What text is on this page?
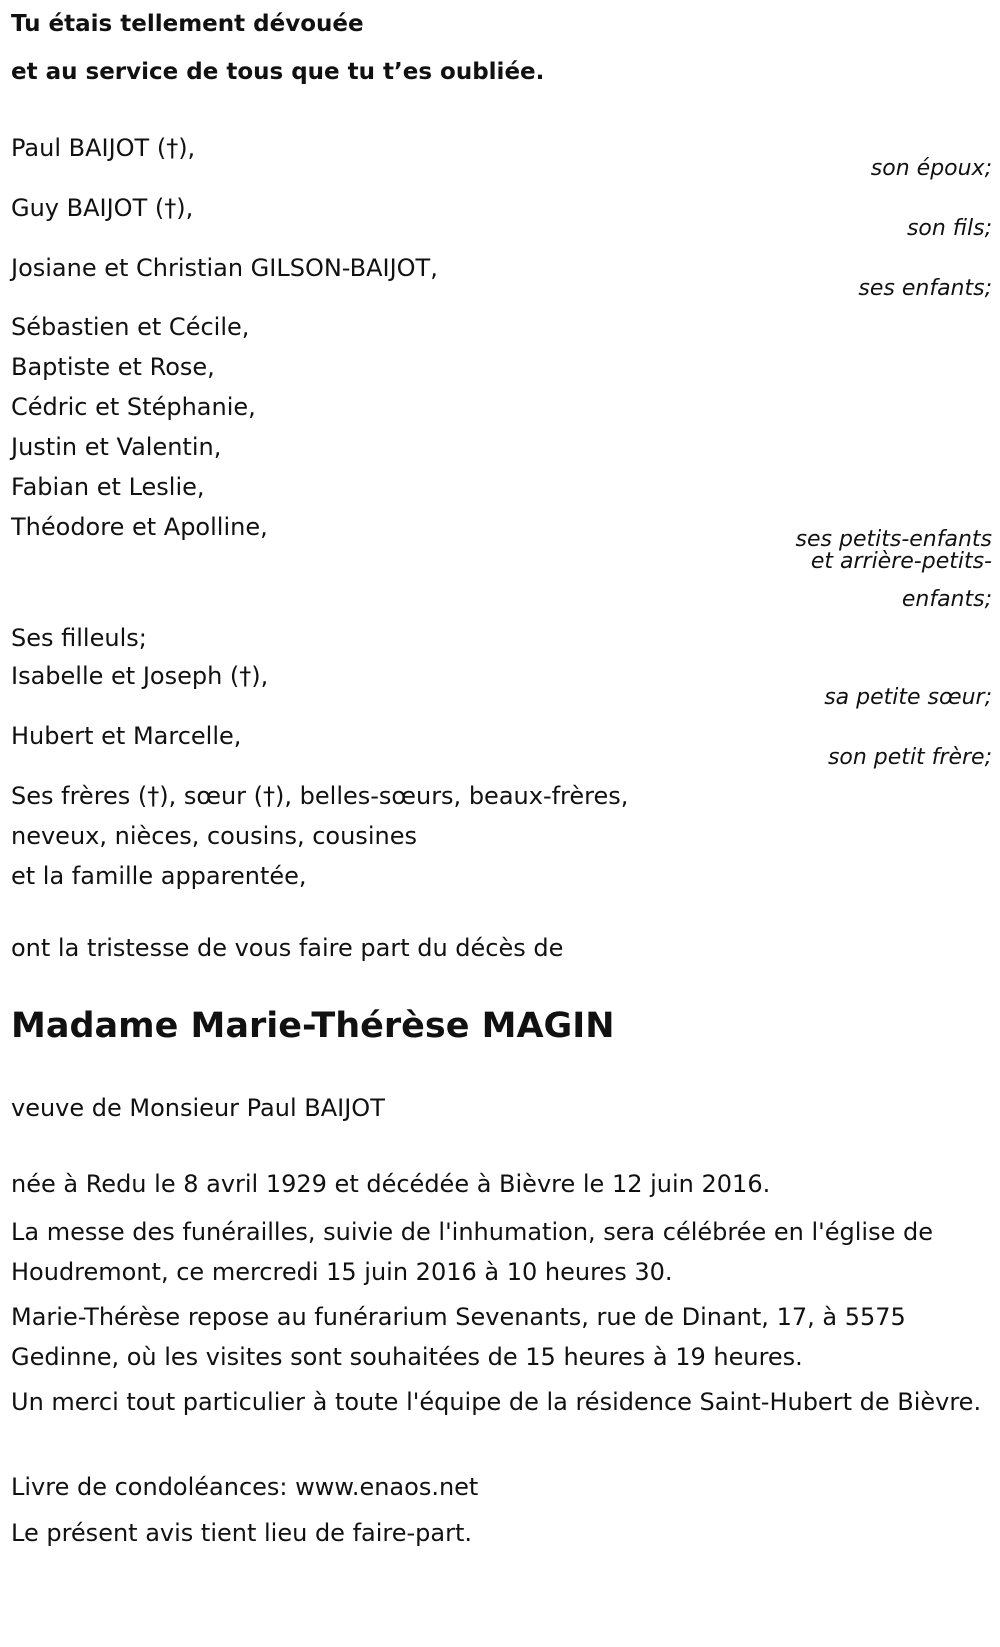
Tu étais tellement dévouée
et au service de tous que tu t’es oubliée.
Paul BAIJOT (†),
son époux;
Guy BAIJOT (†),
son fils;
Josiane et Christian GILSON-BAIJOT,
ses enfants;
Sébastien et Cécile,
Baptiste et Rose,
Cédric et Stéphanie,
Justin et Valentin,
Fabian et Leslie,
Théodore et Apolline,	ses petits-enfants
et arrière-petits-
enfants;
Ses filleuls;
Isabelle et Joseph (†),
sa petite sœur;
Hubert et Marcelle,
son petit frère;
Ses frères (†), sœur (†), belles-sœurs, beaux-frères,
neveux, nièces, cousins, cousines
et la famille apparentée,
ont la tristesse de vous faire part du décès de
Madame Marie-Thérèse MAGIN
veuve de Monsieur Paul BAIJOT
née à Redu le 8 avril 1929 et décédée à Bièvre le 12 juin 2016.
La messe des funérailles, suivie de l'inhumation, sera célébrée en l'église de Houdremont, ce mercredi 15 juin 2016 à 10 heures 30.
Marie-Thérèse repose au funérarium Sevenants, rue de Dinant, 17, à 5575 Gedinne, où les visites sont souhaitées de 15 heures à 19 heures.
Un merci tout particulier à toute l'équipe de la résidence Saint-Hubert de Bièvre.
Livre de condoléances: www.enaos.net
Le présent avis tient lieu de faire-part.
